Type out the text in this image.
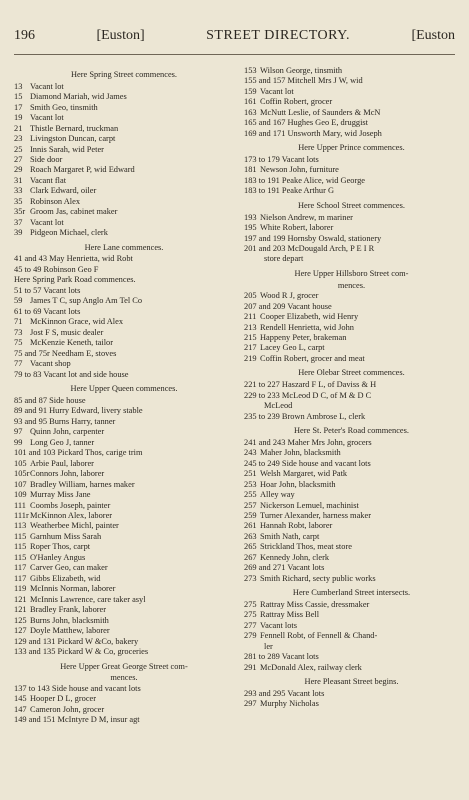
196	[Euston]	STREET DIRECTORY.	[Euston
Here Spring Street commences.
13 Vacant lot
15 Diamond Mariah, wid James
17 Smith Geo, tinsmith
19 Vacant lot
21 Thistle Bernard, truckman
23 Livingston Duncan, carpt
25 Innis Sarah, wid Peter
27 Side door
29 Roach Margaret P, wid Edward
31 Vacant flat
33 Clark Edward, oiler
35 Robinson Alex
35r Groom Jas, cabinet maker
37 Vacant lot
39 Pidgeon Michael, clerk
Here Lane commences.
41 and 43 May Henrietta, wid Robt
45 to 49 Robinson Geo F
Here Spring Park Road commences.
51 to 57 Vacant lots
59 James T C, sup Anglo Am Tel Co
61 to 69 Vacant lots
71 McKinnon Grace, wid Alex
73 Jost F S, music dealer
75 McKenzie Keneth, tailor
75 and 75r Needham E, stoves
77 Vacant shop
79 to 83 Vacant lot and side house
Here Upper Queen commences.
85 and 87 Side house
89 and 91 Hurry Edward, livery stable
93 and 95 Burns Harry, tanner
97 Quinn John, carpenter
99 Long Geo J, tanner
101 and 103 Pickard Thos, carige trim
105 Arbie Paul, laborer
105r Connors John, laborer
107 Bradley William, harnes maker
109 Murray Miss Jane
111 Coombs Joseph, painter
111r McKinnon Alex, laborer
113 Weatherbee Michl, painter
115 Garnhum Miss Sarah
115 Roper Thos, carpt
115 O'Hanley Angus
117 Carver Geo, can maker
117 Gibbs Elizabeth, wid
119 McInnis Norman, laborer
121 McInnis Lawrence, care taker asyl
121 Bradley Frank, laborer
125 Burns John, blacksmith
127 Doyle Matthew, laborer
129 and 131 Pickard W &Co, bakery
133 and 135 Pickard W & Co, groceries
Here Upper Great George Street com-
mences.
137 to 143 Side house and vacant lots
145 Hooper D L, grocer
147 Cameron John, grocer
149 and 151 McIntyre D M, insur agt
153 Wilson George, tinsmith
155 and 157 Mitchell Mrs J W, wid
159 Vacant lot
161 Coffin Robert, grocer
163 McNutt Leslie, of Saunders & McN
165 and 167 Hughes Geo E, druggist
169 and 171 Unsworth Mary, wid Joseph
Here Upper Prince commences.
173 to 179 Vacant lots
181 Newson John, furniture
183 to 191 Peake Alice, wid George
183 to 191 Peake Arthur G
Here School Street commences.
193 Nielson Andrew, m mariner
195 White Robert, laborer
197 and 199 Hornsby Oswald, stationery
201 and 203 McDougald Arch, P E I R
store depart
Here Upper Hillsboro Street com-
mences.
205 Wood R J, grocer
207 and 209 Vacant house
211 Cooper Elizabeth, wid Henry
213 Rendell Henrietta, wid John
215 Happeny Peter, brakeman
217 Lacey Geo L, carpt
219 Coffin Robert, grocer and meat
Here Olebar Street commences.
221 to 227 Haszard F L, of Daviss & H
229 to 233 McLeod D C, of M & D C
McLeod
235 to 239 Brown Ambrose L, clerk
Here St. Peter's Road commences.
241 and 243 Maher Mrs John, grocers
243 Maher John, blacksmith
245 to 249 Side house and vacant lots
251 Welsh Margaret, wid Patk
253 Hoar John, blacksmith
255 Alley way
257 Nickerson Lemuel, machinist
259 Turner Alexander, harness maker
261 Hannah Robt, laborer
263 Smith Nath, carpt
265 Strickland Thos, meat store
267 Kennedy John, clerk
269 and 271 Vacant lots
273 Smith Richard, secty public works
Here Cumberland Street intersects.
275 Rattray Miss Cassie, dressmaker
275 Rattray Miss Bell
277 Vacant lots
279 Fennell Robt, of Fennell & Chand-
ler
281 to 289 Vacant lots
291 McDonald Alex, railway clerk
Here Pleasant Street begins.
293 and 295 Vacant lots
297 Murphy Nicholas
